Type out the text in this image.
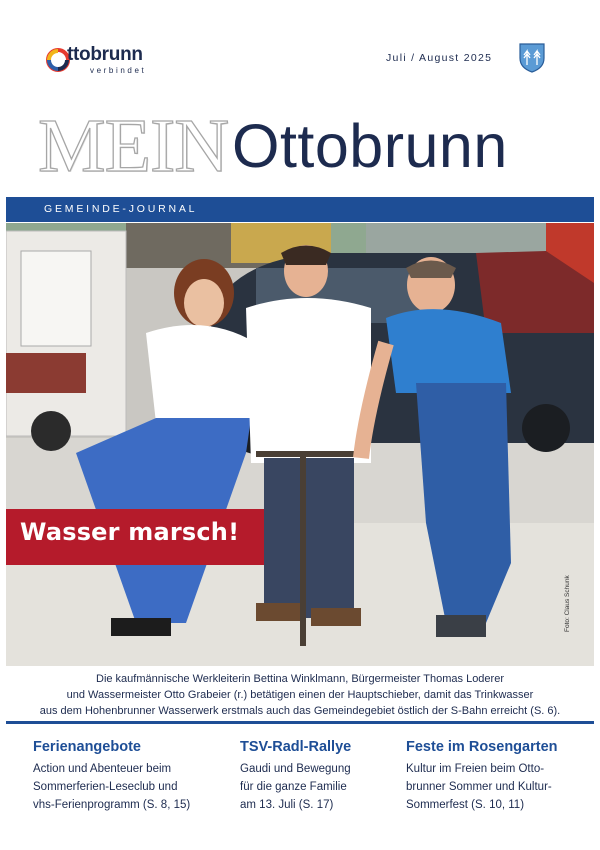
ttobrunn
verbindet
Juli / August 2025
MEIN Ottobrunn
GEMEINDE-JOURNAL
Wasser marsch!
Foto: Claus Schunk
Die kaufmännische Werkleiterin Bettina Winklmann, Bürgermeister Thomas Loderer
und Wassermeister Otto Grabeier (r.) betätigen einen der Hauptschieber, damit das Trinkwasser
aus dem Hohenbrunner Wasserwerk erstmals auch das Gemeindegebiet östlich der S-Bahn erreicht (S. 6).
Ferienangebote

Action und Abenteuer beim
Sommerferien-Leseclub und
vhs-Ferienprogramm (S. 8, 15)

TSV-Radl-Rallye

Gaudi und Bewegung
für die ganze Familie
am 13. Juli (S. 17)

Feste im Rosengarten

Kultur im Freien beim Otto-
brunner Sommer und Kultur-
Sommerfest (S. 10, 11)
